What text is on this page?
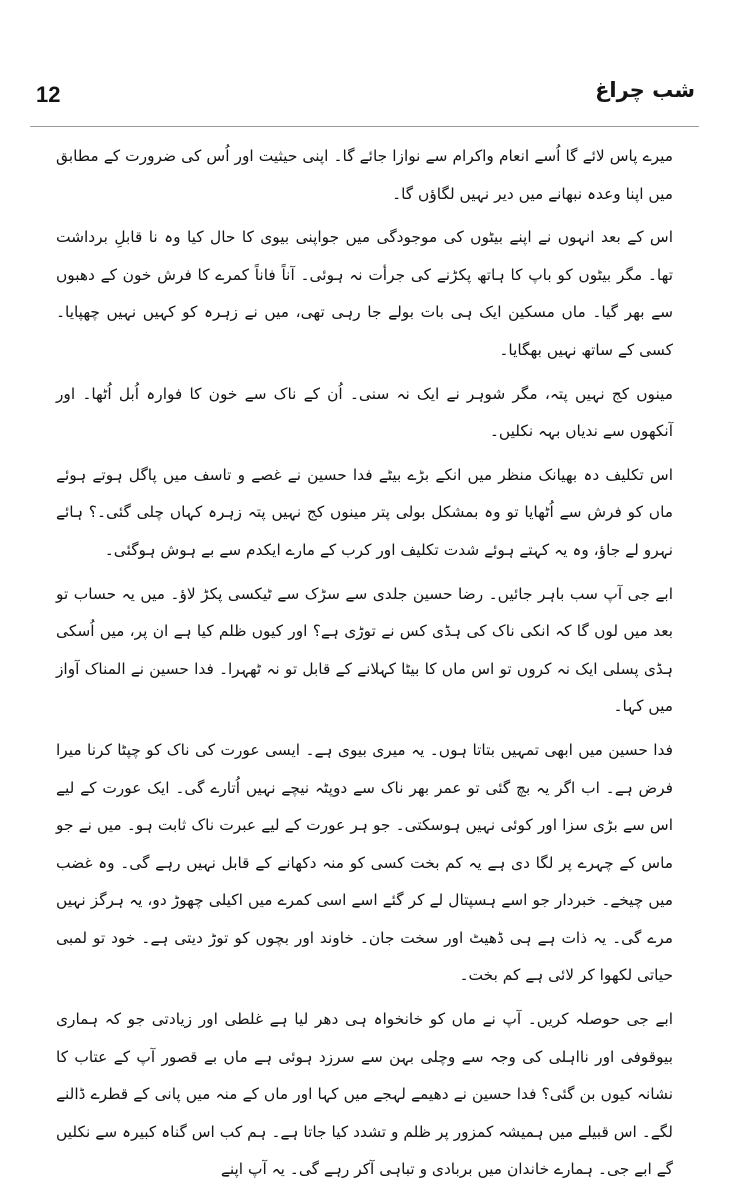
12	شب چراغ

میرے پاس لائے گا اُسے انعام واکرام سے نوازا جائے گا۔ اپنی حیثیت اور اُس کی ضرورت کے مطابق میں اپنا وعدہ نبھانے میں دیر نہیں لگاؤں گا۔

اس کے بعد انہوں نے اپنے بیٹوں کی موجودگی میں جواپنی بیوی کا حال کیا وہ نا قابلِ برداشت تھا۔ مگر بیٹوں کو باپ کا ہاتھ پکڑنے کی جرأت نہ ہوئی۔ آناً فاناً کمرے کا فرش خون کے دھبوں سے بھر گیا۔ ماں مسکین ایک ہی بات بولے جا رہی تھی، میں نے زہرہ کو کہیں نہیں چھپایا۔ کسی کے ساتھ نہیں بھگایا۔

مینوں کج نہیں پتہ، مگر شوہر نے ایک نہ سنی۔ اُن کے ناک سے خون کا فوارہ اُبل اُٹھا۔ اور آنکھوں سے ندیاں بہہ نکلیں۔

اس تکلیف دہ بھیانک منظر میں انکے بڑے بیٹے فدا حسین نے غصے و تاسف میں پاگل ہوتے ہوئے ماں کو فرش سے اُٹھایا تو وہ بمشکل بولی پتر مینوں کج نہیں پتہ زہرہ کہاں چلی گئی۔؟ ہائے نہرو لے جاؤ، وہ یہ کہتے ہوئے شدت تکلیف اور کرب کے مارے ایکدم سے بے ہوش ہوگئی۔

ابے جی آپ سب باہر جائیں۔ رضا حسین جلدی سے سڑک سے ٹیکسی پکڑ لاؤ۔ میں یہ حساب تو بعد میں لوں گا کہ انکی ناک کی ہڈی کس نے توڑی ہے؟ اور کیوں ظلم کیا ہے ان پر، میں اُسکی ہڈی پسلی ایک نہ کروں تو اس ماں کا بیٹا کہلانے کے قابل تو نہ ٹھہرا۔ فدا حسین نے المناک آواز میں کہا۔

فدا حسین میں ابھی تمہیں بتاتا ہوں۔ یہ میری بیوی ہے۔ ایسی عورت کی ناک کو چپٹا کرنا میرا فرض ہے۔ اب اگر یہ بچ گئی تو عمر بھر ناک سے دوپٹہ نیچے نہیں اُتارے گی۔ ایک عورت کے لیے اس سے بڑی سزا اور کوئی نہیں ہوسکتی۔ جو ہر عورت کے لیے عبرت ناک ثابت ہو۔ میں نے جو ماس کے چہرے پر لگا دی ہے یہ کم بخت کسی کو منہ دکھانے کے قابل نہیں رہے گی۔ وہ غضب میں چیخے۔ خبردار جو اسے ہسپتال لے کر گئے اسے اسی کمرے میں اکیلی چھوڑ دو، یہ ہرگز نہیں مرے گی۔ یہ ذات ہے ہی ڈھیٹ اور سخت جان۔ خاوند اور بچوں کو توڑ دیتی ہے۔ خود تو لمبی حیاتی لکھوا کر لائی ہے کم بخت۔

ابے جی حوصلہ کریں۔ آپ نے ماں کو خانخواہ ہی دھر لیا ہے غلطی اور زیادتی جو کہ ہماری بیوقوفی اور نااہلی کی وجہ سے وچلی بہن سے سرزد ہوئی ہے ماں بے قصور آپ کے عتاب کا نشانہ کیوں بن گئی؟ فدا حسین نے دھیمے لہجے میں کہا اور ماں کے منہ میں پانی کے قطرے ڈالنے لگے۔ اس قبیلے میں ہمیشہ کمزور پر ظلم و تشدد کیا جاتا ہے۔ ہم کب اس گناہ کبیرہ سے نکلیں گے ابے جی۔ ہمارے خاندان میں بربادی و تباہی آکر رہے گی۔ یہ آپ اپنے
